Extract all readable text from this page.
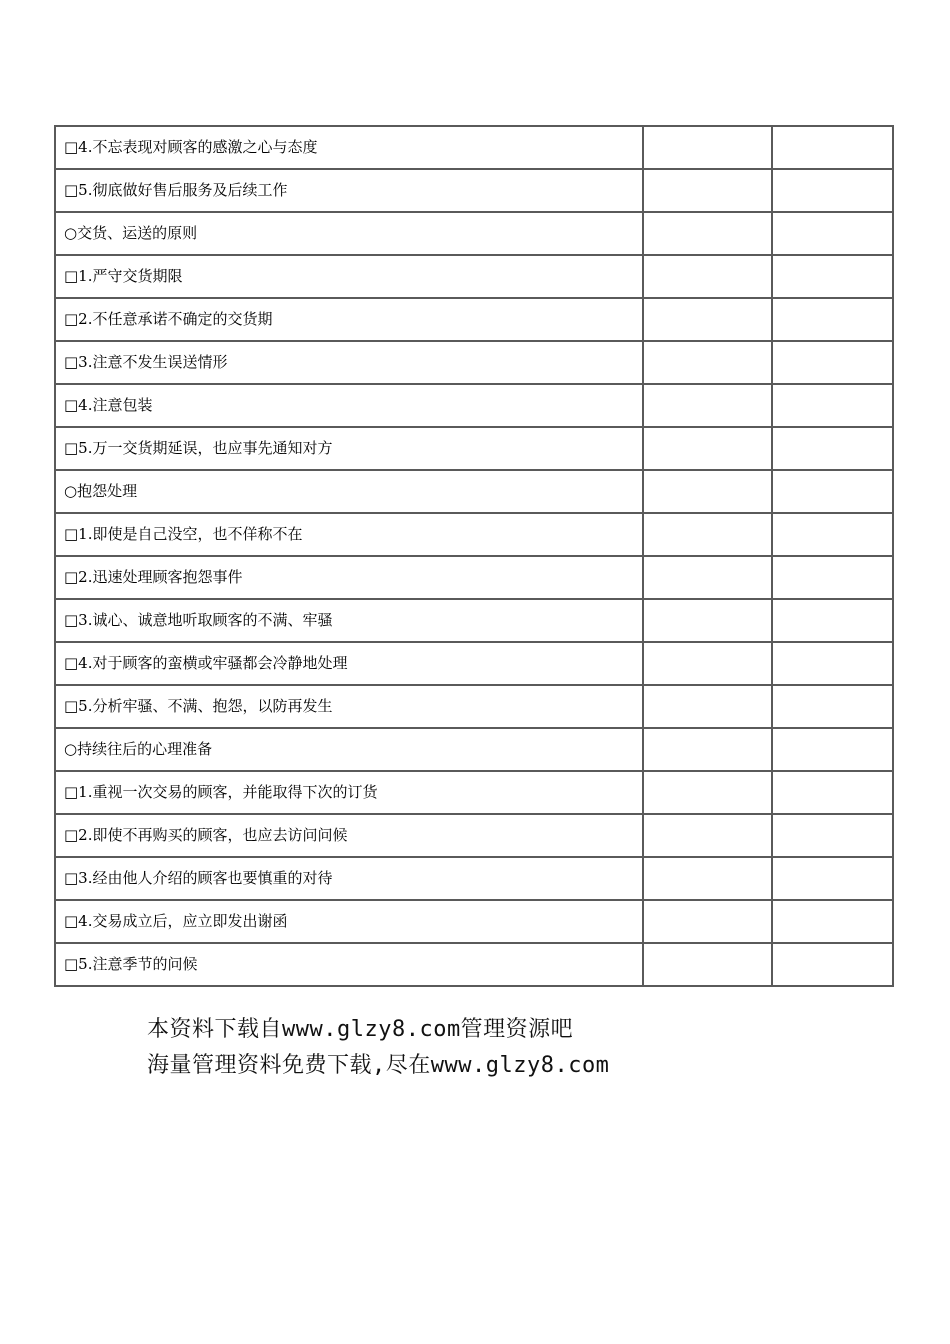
□4.不忘表现对顾客的感激之心与态度		
□5.彻底做好售后服务及后续工作		
○交货、运送的原则		
□1.严守交货期限		
□2.不任意承诺不确定的交货期		
□3.注意不发生误送情形		
□4.注意包装		
□5.万一交货期延误，也应事先通知对方		
○抱怨处理		
□1.即使是自己没空，也不佯称不在		
□2.迅速处理顾客抱怨事件		
□3.诚心、诚意地听取顾客的不满、牢骚		
□4.对于顾客的蛮横或牢骚都会冷静地处理		
□5.分析牢骚、不满、抱怨，以防再发生		
○持续往后的心理准备		
□1.重视一次交易的顾客，并能取得下次的订货		
□2.即使不再购买的顾客，也应去访问问候		
□3.经由他人介绍的顾客也要慎重的对待		
□4.交易成立后，应立即发出谢函		
□5.注意季节的问候		
本资料下载自www.glzy8.com管理资源吧
海量管理资料免费下载,尽在www.glzy8.com
